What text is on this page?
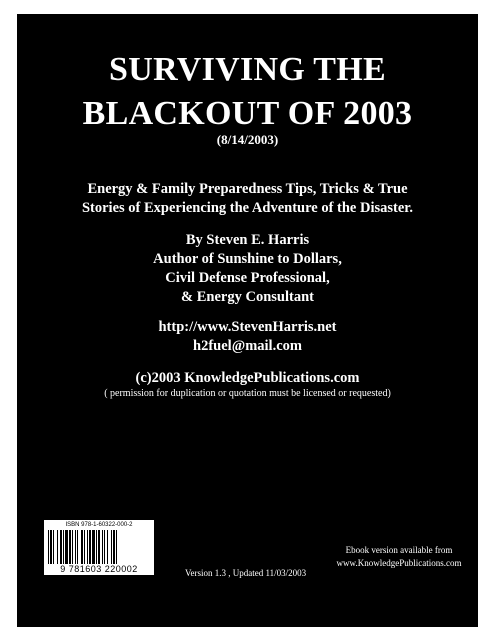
SURVIVING THE
BLACKOUT OF 2003
(8/14/2003)
Energy & Family Preparedness Tips, Tricks & True
Stories of Experiencing the Adventure of the Disaster.
By Steven E. Harris
Author of Sunshine to Dollars,
Civil Defense Professional,
& Energy Consultant
http://www.StevenHarris.net
h2fuel@mail.com
(c)2003 KnowledgePublications.com
( permission for duplication or quotation must be licensed or requested)
ISBN 978-1-60322-000-2
9 781603 220002	Version 1.3 , Updated 11/03/2003
Ebook version available from
www.KnowledgePublications.com
